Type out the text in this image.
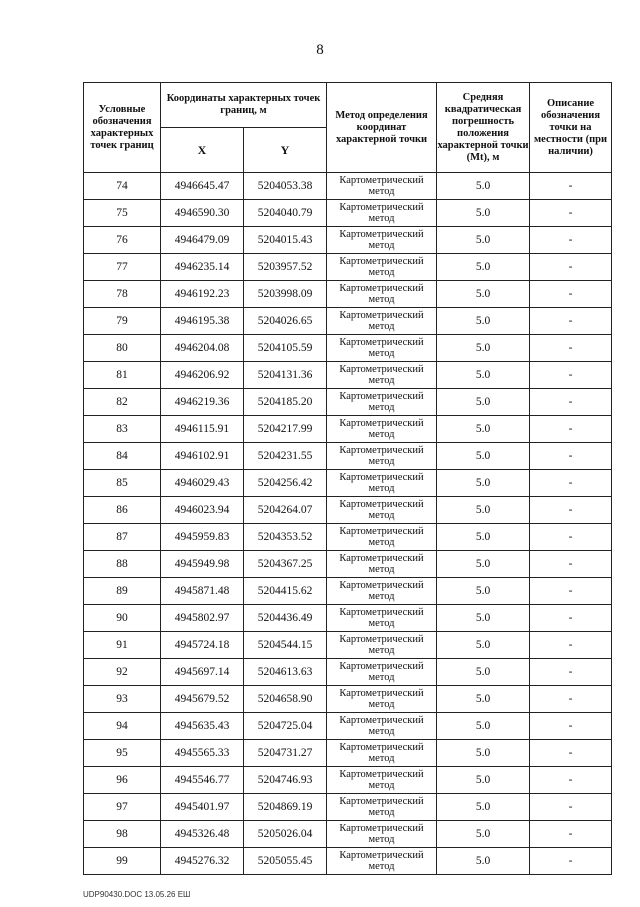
8
Условные обозначения характерных точек границ	Координаты характерных точек границ, м		Метод определения координат характерной точки	Средняя квадратическая погрешность положения характерной точки (Mt), м	Описание обозначения точки на местности (при наличии)
	X	Y			
74	4946645.47	5204053.38	Картометрический метод	5.0	-
75	4946590.30	5204040.79	Картометрический метод	5.0	-
76	4946479.09	5204015.43	Картометрический метод	5.0	-
77	4946235.14	5203957.52	Картометрический метод	5.0	-
78	4946192.23	5203998.09	Картометрический метод	5.0	-
79	4946195.38	5204026.65	Картометрический метод	5.0	-
80	4946204.08	5204105.59	Картометрический метод	5.0	-
81	4946206.92	5204131.36	Картометрический метод	5.0	-
82	4946219.36	5204185.20	Картометрический метод	5.0	-
83	4946115.91	5204217.99	Картометрический метод	5.0	-
84	4946102.91	5204231.55	Картометрический метод	5.0	-
85	4946029.43	5204256.42	Картометрический метод	5.0	-
86	4946023.94	5204264.07	Картометрический метод	5.0	-
87	4945959.83	5204353.52	Картометрический метод	5.0	-
88	4945949.98	5204367.25	Картометрический метод	5.0	-
89	4945871.48	5204415.62	Картометрический метод	5.0	-
90	4945802.97	5204436.49	Картометрический метод	5.0	-
91	4945724.18	5204544.15	Картометрический метод	5.0	-
92	4945697.14	5204613.63	Картометрический метод	5.0	-
93	4945679.52	5204658.90	Картометрический метод	5.0	-
94	4945635.43	5204725.04	Картометрический метод	5.0	-
95	4945565.33	5204731.27	Картометрический метод	5.0	-
96	4945546.77	5204746.93	Картометрический метод	5.0	-
97	4945401.97	5204869.19	Картометрический метод	5.0	-
98	4945326.48	5205026.04	Картометрический метод	5.0	-
99	4945276.32	5205055.45	Картометрический метод	5.0	-
UDP90430.DOC 13.05.26 ЕШ
